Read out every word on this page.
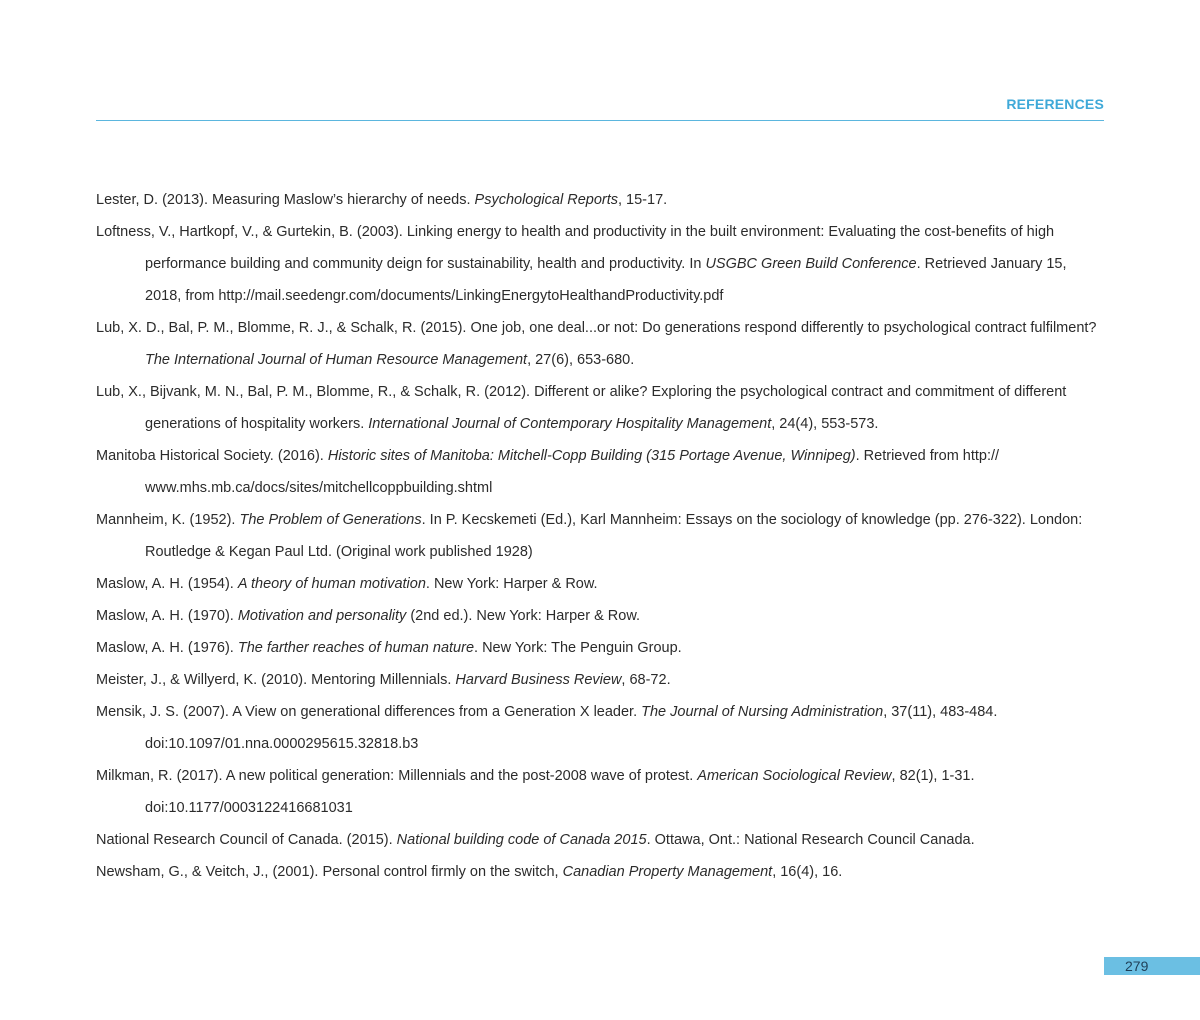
REFERENCES
Lester, D. (2013). Measuring Maslow’s hierarchy of needs. Psychological Reports, 15-17.
Loftness, V., Hartkopf, V., & Gurtekin, B. (2003). Linking energy to health and productivity in the built environment: Evaluating the cost-benefits of high performance building and community deign for sustainability, health and productivity. In USGBC Green Build Conference. Retrieved January 15, 2018, from http://mail.seedengr.com/documents/LinkingEnergytoHealthandProductivity.pdf
Lub, X. D., Bal, P. M., Blomme, R. J., & Schalk, R. (2015). One job, one deal...or not: Do generations respond differently to psychological contract fulfilment? The International Journal of Human Resource Management, 27(6), 653-680.
Lub, X., Bijvank, M. N., Bal, P. M., Blomme, R., & Schalk, R. (2012). Different or alike? Exploring the psychological contract and commitment of different generations of hospitality workers. International Journal of Contemporary Hospitality Management, 24(4), 553-573.
Manitoba Historical Society. (2016). Historic sites of Manitoba: Mitchell-Copp Building (315 Portage Avenue, Winnipeg). Retrieved from http:// www.mhs.mb.ca/docs/sites/mitchellcoppbuilding.shtml
Mannheim, K. (1952). The Problem of Generations. In P. Kecskemeti (Ed.), Karl Mannheim: Essays on the sociology of knowledge (pp. 276-322). London: Routledge & Kegan Paul Ltd. (Original work published 1928)
Maslow, A. H. (1954). A theory of human motivation. New York: Harper & Row.
Maslow, A. H. (1970). Motivation and personality (2nd ed.). New York: Harper & Row.
Maslow, A. H. (1976). The farther reaches of human nature. New York: The Penguin Group.
Meister, J., & Willyerd, K. (2010). Mentoring Millennials. Harvard Business Review, 68-72.
Mensik, J. S. (2007). A View on generational differences from a Generation X leader. The Journal of Nursing Administration, 37(11), 483-484. doi:10.1097/01.nna.0000295615.32818.b3
Milkman, R. (2017). A new political generation: Millennials and the post-2008 wave of protest. American Sociological Review, 82(1), 1-31. doi:10.1177/0003122416681031
National Research Council of Canada. (2015). National building code of Canada 2015. Ottawa, Ont.: National Research Council Canada.
Newsham, G., & Veitch, J., (2001). Personal control firmly on the switch, Canadian Property Management, 16(4), 16.
279
